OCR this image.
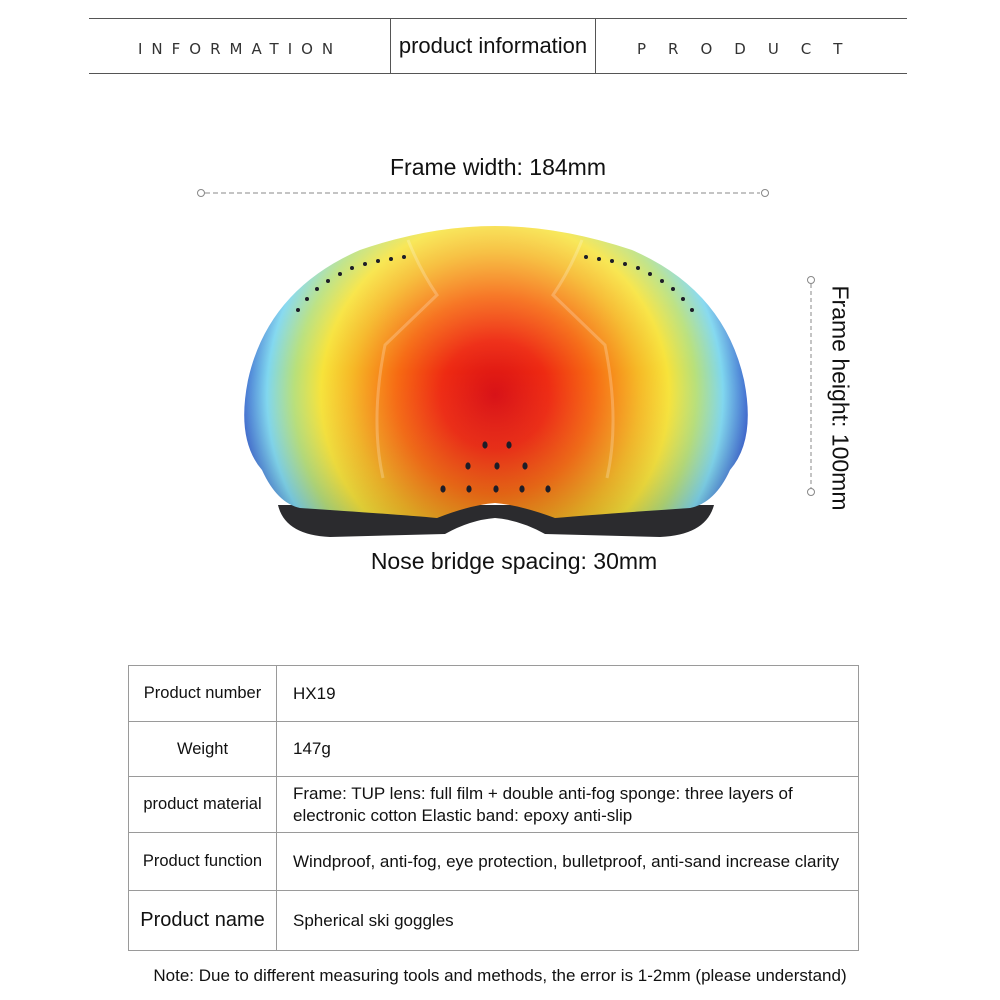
INFORMATION	product information	PRODUCT
Frame width: 184mm
Frame height: 100mm
Nose bridge spacing: 30mm
Product number	HX19
Weight	147g
product material	Frame: TUP lens: full film + double anti-fog sponge: three layers of electronic cotton Elastic band: epoxy anti-slip
Product function	Windproof, anti-fog, eye protection, bulletproof, anti-sand increase clarity
Product name	Spherical ski goggles
Note: Due to different measuring tools and methods, the error is 1-2mm (please understand)
